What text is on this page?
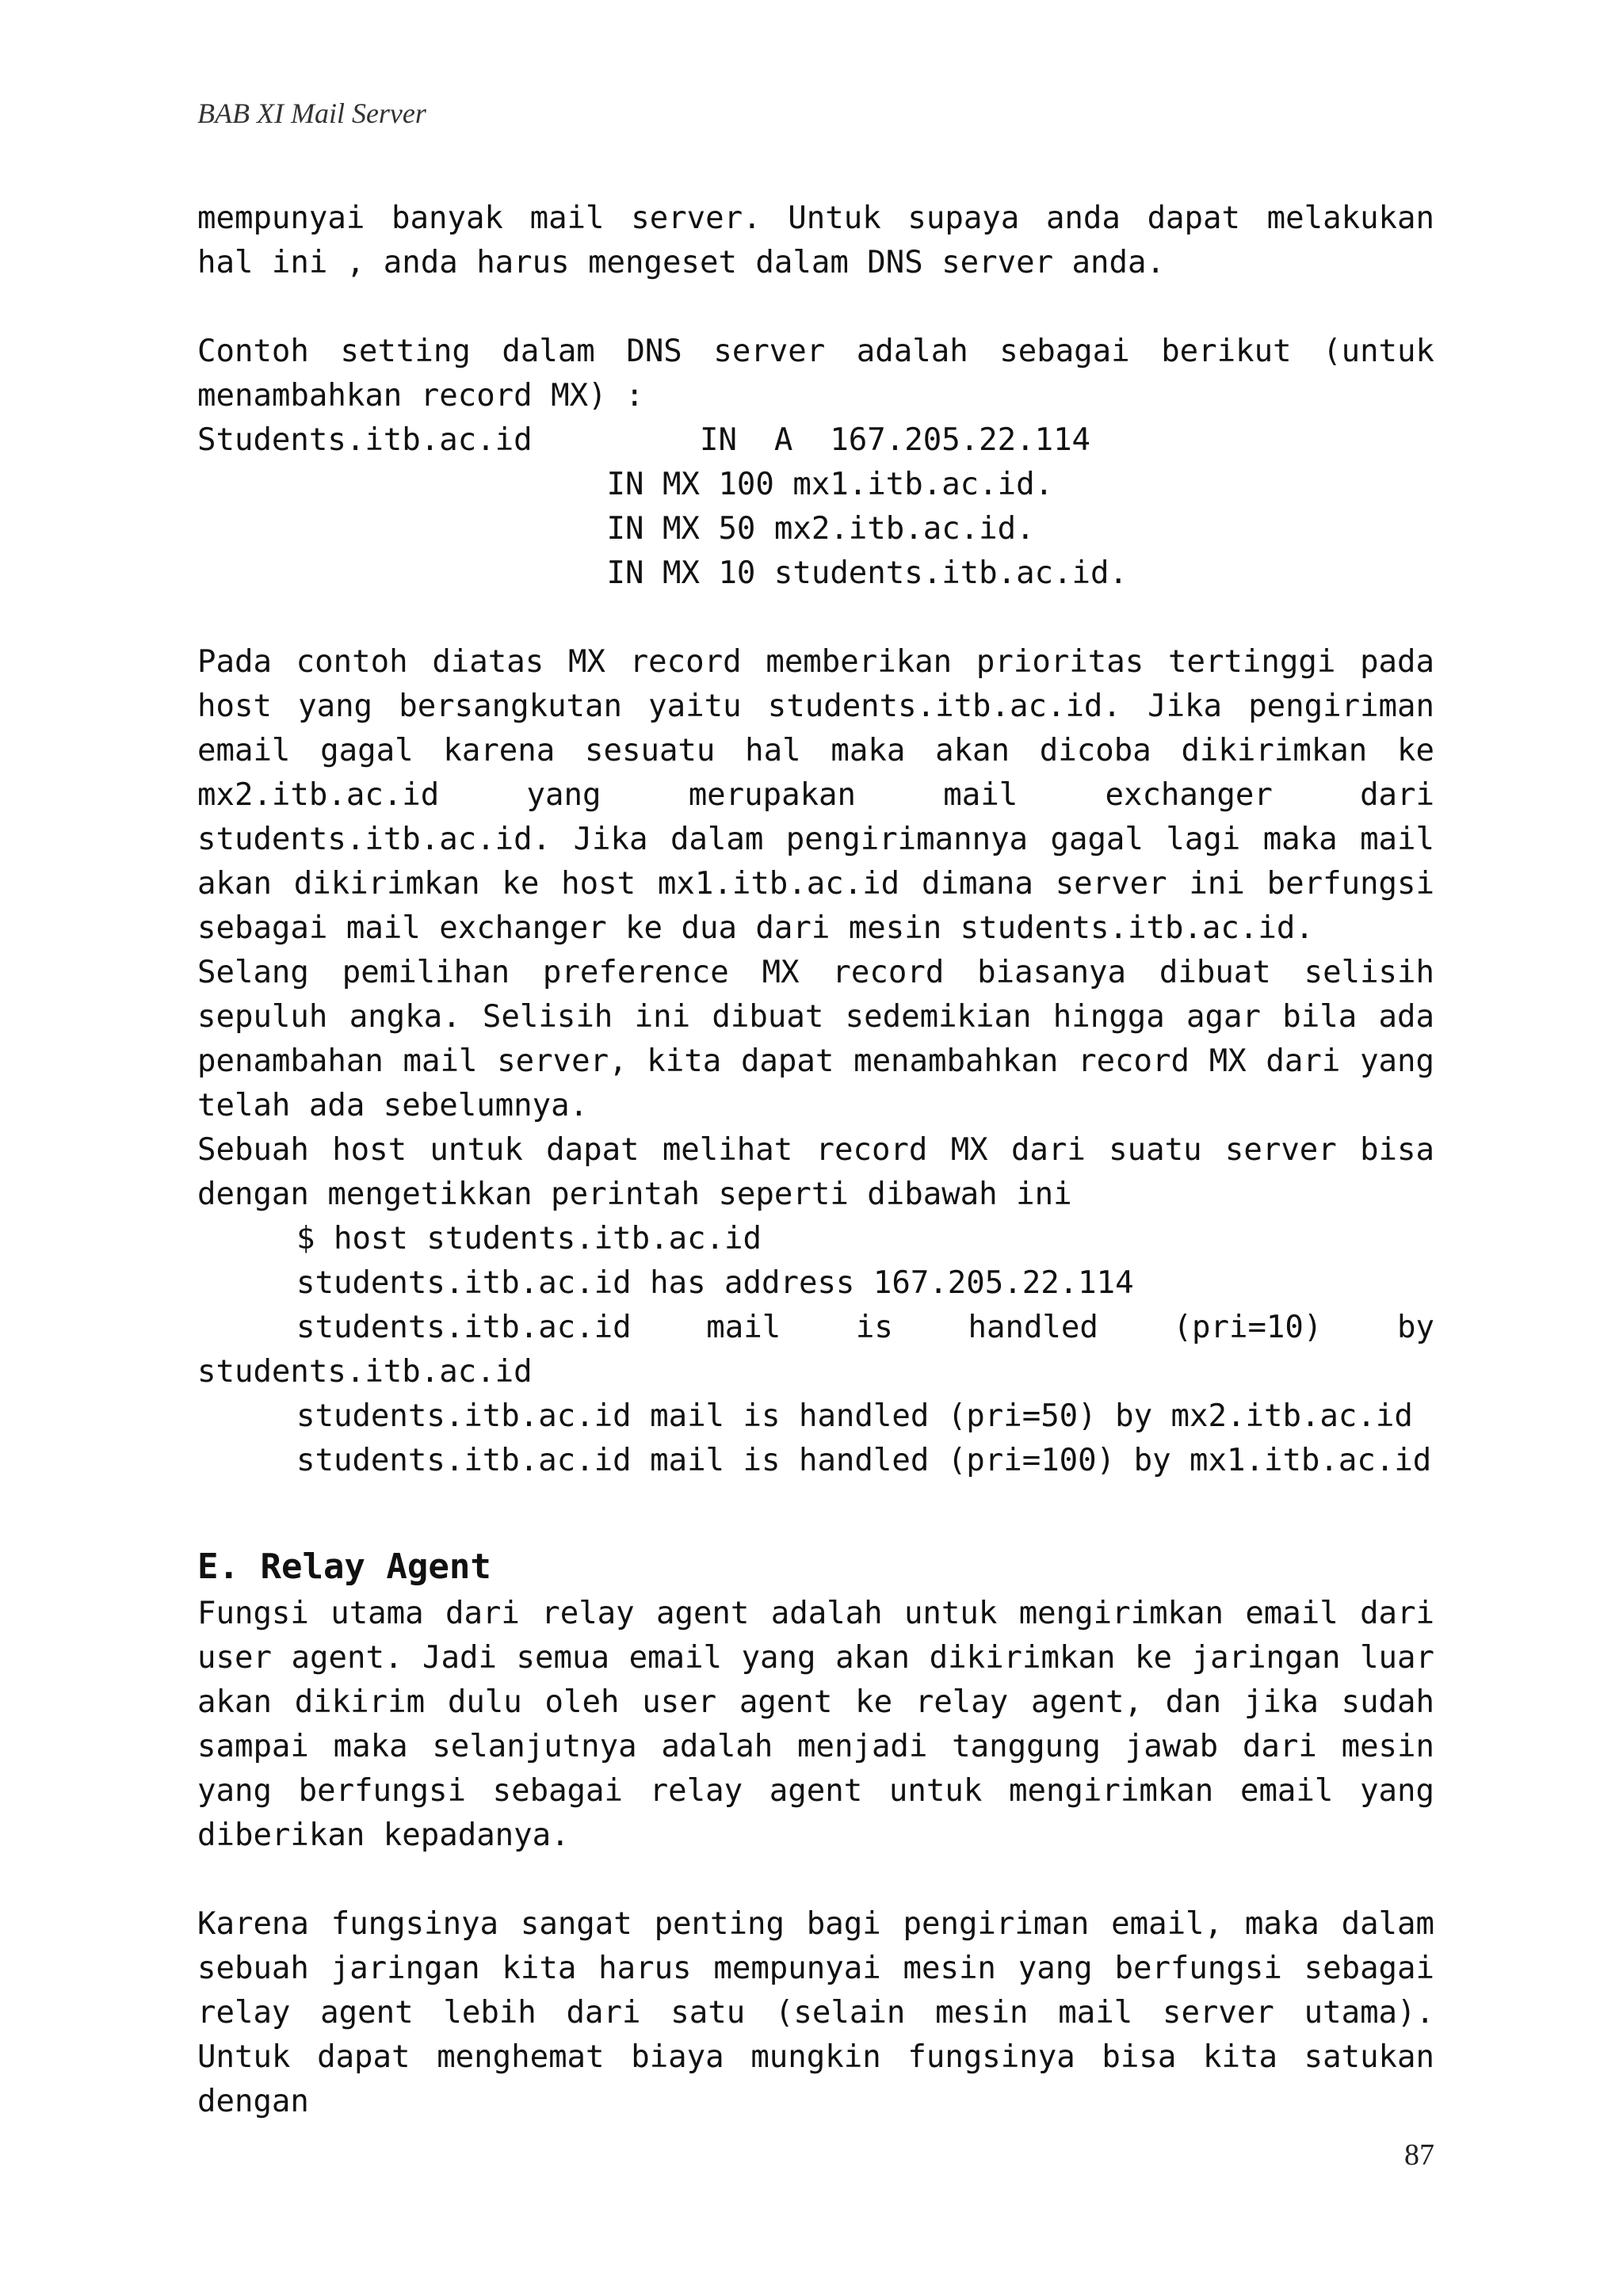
BAB XI Mail Server

mempunyai banyak mail server. Untuk supaya anda dapat melakukan hal ini , anda harus mengeset dalam DNS server anda.

Contoh setting dalam DNS server adalah sebagai berikut (untuk menambahkan record MX) :

Students.itb.ac.id         IN  A  167.205.22.114

IN MX 100 mx1.itb.ac.id.

IN MX 50 mx2.itb.ac.id.

IN MX 10 students.itb.ac.id.

Pada contoh diatas MX record memberikan prioritas tertinggi pada host yang bersangkutan yaitu students.itb.ac.id. Jika pengiriman email gagal karena sesuatu hal maka akan dicoba dikirimkan ke mx2.itb.ac.id yang merupakan mail exchanger dari students.itb.ac.id. Jika dalam pengirimannya gagal lagi maka mail akan dikirimkan ke host mx1.itb.ac.id dimana server ini berfungsi sebagai mail exchanger ke dua dari mesin students.itb.ac.id.

Selang pemilihan preference MX record biasanya dibuat selisih sepuluh angka. Selisih ini dibuat sedemikian hingga agar bila ada penambahan mail server, kita dapat menambahkan record MX dari yang telah ada sebelumnya.

Sebuah host untuk dapat melihat record MX dari suatu server bisa dengan mengetikkan perintah seperti dibawah ini

$ host students.itb.ac.id

students.itb.ac.id has address 167.205.22.114

students.itb.ac.id mail is handled (pri=10) by

students.itb.ac.id

students.itb.ac.id mail is handled (pri=50) by mx2.itb.ac.id

students.itb.ac.id mail is handled (pri=100) by mx1.itb.ac.id

E. Relay Agent

Fungsi utama dari relay agent adalah untuk mengirimkan email dari user agent. Jadi semua email yang akan dikirimkan ke jaringan luar akan dikirim dulu oleh user agent ke relay agent, dan jika sudah sampai maka selanjutnya adalah menjadi tanggung jawab dari mesin yang berfungsi sebagai relay agent untuk mengirimkan email yang diberikan kepadanya.

Karena fungsinya sangat penting bagi pengiriman email, maka dalam sebuah jaringan kita harus mempunyai mesin yang berfungsi sebagai relay agent lebih dari satu (selain mesin mail server utama). Untuk dapat menghemat biaya mungkin fungsinya bisa kita satukan dengan

87
